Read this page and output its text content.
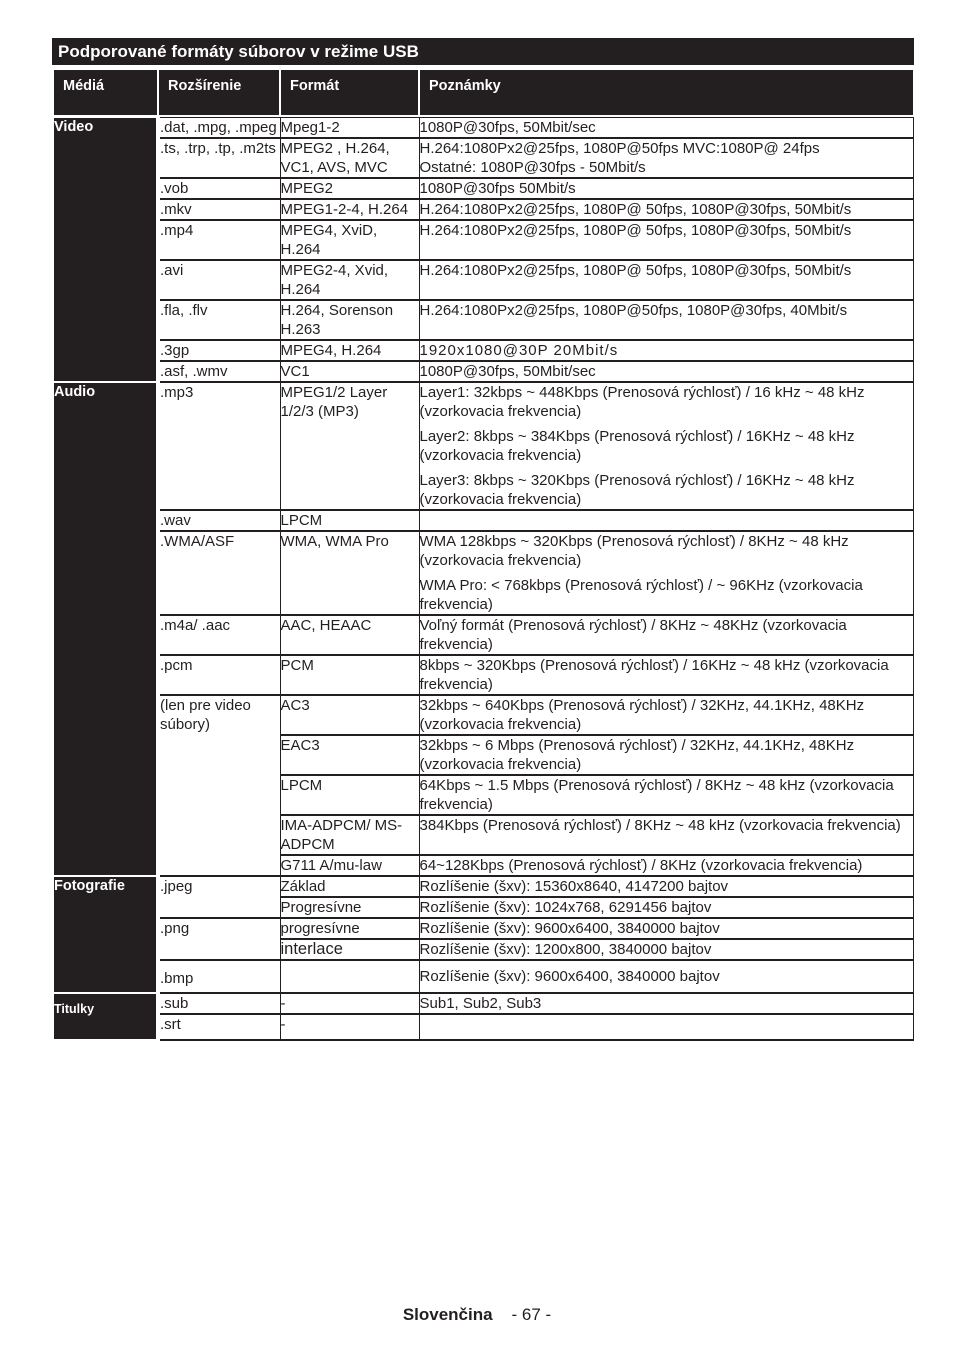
Podporované formáty súborov v režime USB
Médiá	Rozšírenie	Formát	Poznámky

Video	.dat, .mpg, .mpeg	Mpeg1-2	1080P@30fps, 50Mbit/sec
	.ts, .trp, .tp, .m2ts	MPEG2 , H.264, VC1, AVS, MVC	H.264:1080Px2@25fps, 1080P@50fps MVC:1080P@ 24fps
Ostatné: 1080P@30fps - 50Mbit/s

	.vob	MPEG2	1080P@30fps 50Mbit/s
	.mkv	MPEG1-2-4, H.264	H.264:1080Px2@25fps, 1080P@ 50fps, 1080P@30fps, 50Mbit/s
	.mp4	MPEG4, XviD, H.264	H.264:1080Px2@25fps, 1080P@ 50fps, 1080P@30fps, 50Mbit/s
	.avi	MPEG2-4, Xvid, H.264	H.264:1080Px2@25fps, 1080P@ 50fps, 1080P@30fps, 50Mbit/s
	.fla, .flv	H.264, Sorenson H.263	H.264:1080Px2@25fps, 1080P@50fps, 1080P@30fps, 40Mbit/s
	.3gp	MPEG4, H.264	1920x1080@30P 20Mbit/s
	.asf, .wmv	VC1	1080P@30fps, 50Mbit/sec
Audio	.mp3	MPEG1/2 Layer 1/2/3 (MP3)	Layer1: 32kbps ~ 448Kbps (Prenosová rýchlosť) / 16 kHz ~ 48 kHz (vzorkovacia frekvencia)

Layer2: 8kbps ~ 384Kbps (Prenosová rýchlosť) / 16KHz ~ 48 kHz (vzorkovacia frekvencia)

Layer3: 8kbps ~ 320Kbps (Prenosová rýchlosť) / 16KHz ~ 48 kHz (vzorkovacia frekvencia)

	.wav	LPCM	
	.WMA/ASF	WMA, WMA Pro	WMA 128kbps ~ 320Kbps (Prenosová rýchlosť) / 8KHz ~ 48 kHz (vzorkovacia frekvencia)

WMA Pro: < 768kbps (Prenosová rýchlosť) / ~ 96KHz (vzorkovacia frekvencia)

	.m4a/ .aac	AAC, HEAAC	Voľný formát (Prenosová rýchlosť) / 8KHz ~ 48KHz (vzorkovacia frekvencia)
	.pcm	PCM	8kbps ~ 320Kbps (Prenosová rýchlosť) / 16KHz ~ 48 kHz (vzorkovacia frekvencia)
	(len pre video súbory)	AC3	32kbps ~ 640Kbps (Prenosová rýchlosť) / 32KHz, 44.1KHz, 48KHz (vzorkovacia frekvencia)
		EAC3	32kbps ~ 6 Mbps (Prenosová rýchlosť) / 32KHz, 44.1KHz, 48KHz (vzorkovacia frekvencia)
		LPCM	64Kbps ~ 1.5 Mbps (Prenosová rýchlosť) / 8KHz ~ 48 kHz (vzorkovacia frekvencia)
		IMA-ADPCM/ MS-ADPCM	384Kbps (Prenosová rýchlosť) / 8KHz ~ 48 kHz (vzorkovacia frekvencia)
		G711 A/mu-law	64~128Kbps (Prenosová rýchlosť) / 8KHz (vzorkovacia frekvencia)
Fotografie	.jpeg	Základ	Rozlíšenie (šxv): 15360x8640, 4147200 bajtov
		Progresívne	Rozlíšenie (šxv): 1024x768, 6291456 bajtov
	.png	progresívne	Rozlíšenie (šxv): 9600x6400, 3840000 bajtov
		interlace	Rozlíšenie (šxv): 1200x800, 3840000 bajtov
	.bmp		Rozlíšenie (šxv): 9600x6400, 3840000 bajtov
Titulky	.sub	-	Sub1, Sub2, Sub3
	.srt	-	
Slovenčina - 67 -
